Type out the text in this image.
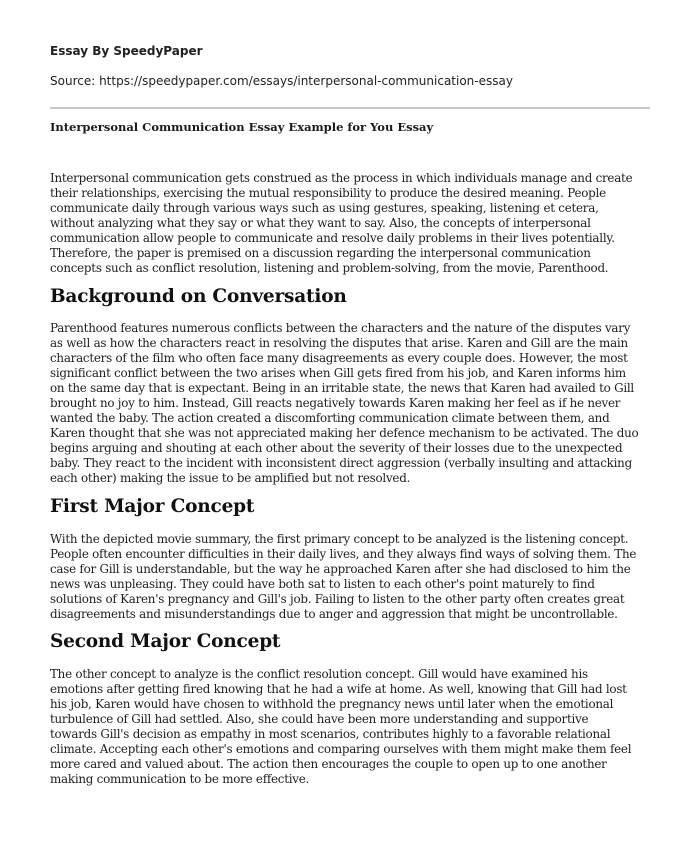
Essay By SpeedyPaper
Source: https://speedypaper.com/essays/interpersonal-communication-essay
Interpersonal Communication Essay Example for You Essay

Interpersonal communication gets construed as the process in which individuals manage and create

their relationships, exercising the mutual responsibility to produce the desired meaning. People

communicate daily through various ways such as using gestures, speaking, listening et cetera,

without analyzing what they say or what they want to say. Also, the concepts of interpersonal

communication allow people to communicate and resolve daily problems in their lives potentially.

Therefore, the paper is premised on a discussion regarding the interpersonal communication

concepts such as conflict resolution, listening and problem-solving, from the movie, Parenthood.

Background on Conversation

Parenthood features numerous conflicts between the characters and the nature of the disputes vary

as well as how the characters react in resolving the disputes that arise. Karen and Gill are the main

characters of the film who often face many disagreements as every couple does. However, the most

significant conflict between the two arises when Gill gets fired from his job, and Karen informs him

on the same day that is expectant. Being in an irritable state, the news that Karen had availed to Gill

brought no joy to him. Instead, Gill reacts negatively towards Karen making her feel as if he never

wanted the baby. The action created a discomforting communication climate between them, and

Karen thought that she was not appreciated making her defence mechanism to be activated. The duo

begins arguing and shouting at each other about the severity of their losses due to the unexpected

baby. They react to the incident with inconsistent direct aggression (verbally insulting and attacking

each other) making the issue to be amplified but not resolved.

First Major Concept

With the depicted movie summary, the first primary concept to be analyzed is the listening concept.

People often encounter difficulties in their daily lives, and they always find ways of solving them. The

case for Gill is understandable, but the way he approached Karen after she had disclosed to him the

news was unpleasing. They could have both sat to listen to each other's point maturely to find

solutions of Karen's pregnancy and Gill's job. Failing to listen to the other party often creates great

disagreements and misunderstandings due to anger and aggression that might be uncontrollable.

Second Major Concept

The other concept to analyze is the conflict resolution concept. Gill would have examined his

emotions after getting fired knowing that he had a wife at home. As well, knowing that Gill had lost

his job, Karen would have chosen to withhold the pregnancy news until later when the emotional

turbulence of Gill had settled. Also, she could have been more understanding and supportive

towards Gill's decision as empathy in most scenarios, contributes highly to a favorable relational

climate. Accepting each other's emotions and comparing ourselves with them might make them feel

more cared and valued about. The action then encourages the couple to open up to one another

making communication to be more effective.
